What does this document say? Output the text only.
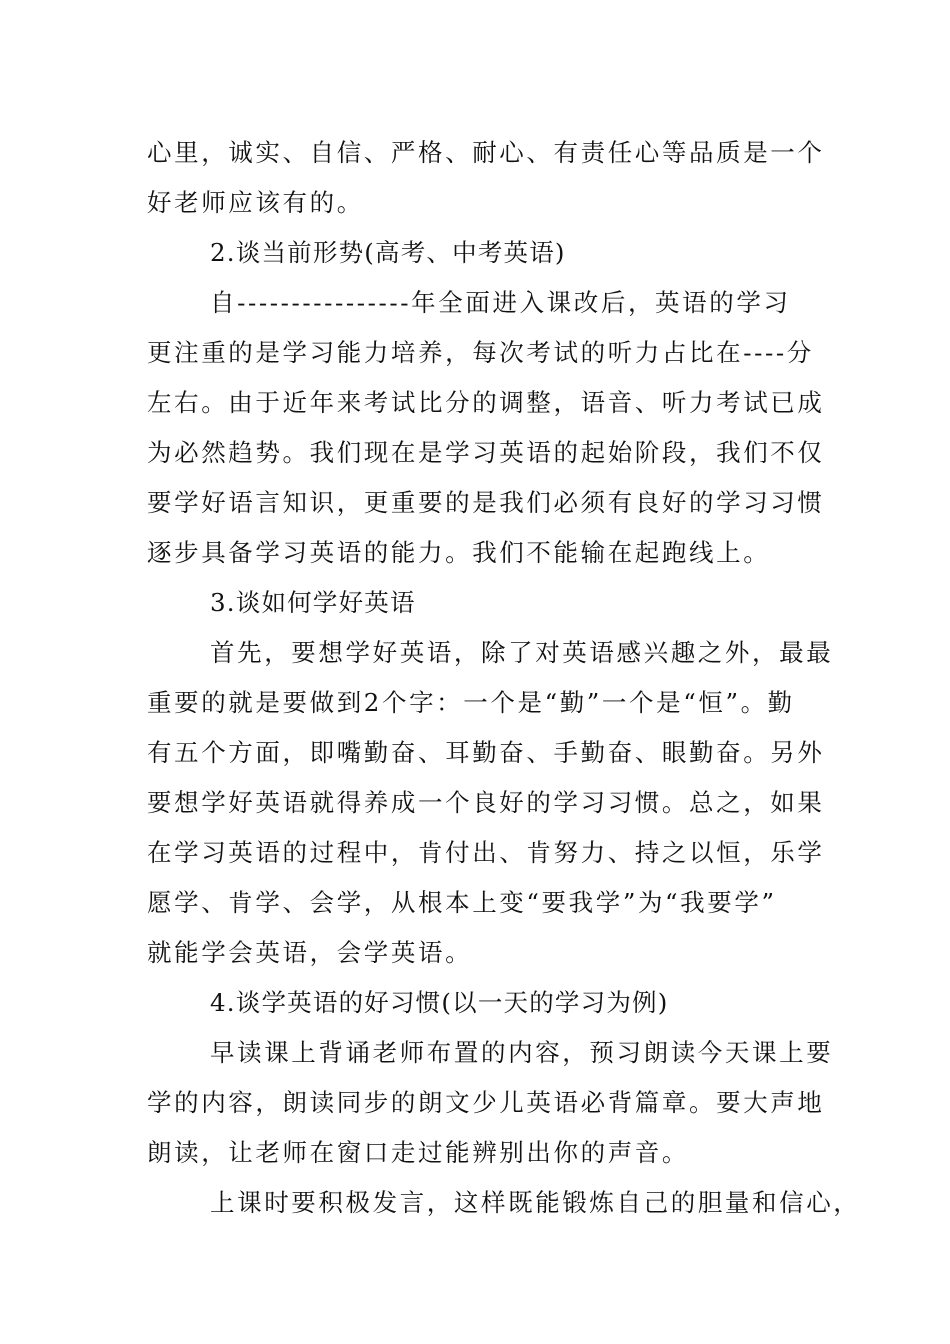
心里，诚实、自信、严格、耐心、有责任心等品质是一个
好老师应该有的。
2.谈当前形势(高考、中考英语)
自----------------年全面进入课改后，英语的学习
更注重的是学习能力培养，每次考试的听力占比在----分
左右。由于近年来考试比分的调整，语音、听力考试已成
为必然趋势。我们现在是学习英语的起始阶段，我们不仅
要学好语言知识，更重要的是我们必须有良好的学习习惯
逐步具备学习英语的能力。我们不能输在起跑线上。
3.谈如何学好英语
首先，要想学好英语，除了对英语感兴趣之外，最最
重要的就是要做到2个字：一个是“勤”一个是“恒”。勤
有五个方面，即嘴勤奋、耳勤奋、手勤奋、眼勤奋。另外
要想学好英语就得养成一个良好的学习习惯。总之，如果
在学习英语的过程中，肯付出、肯努力、持之以恒，乐学
愿学、肯学、会学，从根本上变“要我学”为“我要学”
就能学会英语，会学英语。
4.谈学英语的好习惯(以一天的学习为例)
早读课上背诵老师布置的内容，预习朗读今天课上要
学的内容，朗读同步的朗文少儿英语必背篇章。要大声地
朗读，让老师在窗口走过能辨别出你的声音。
上课时要积极发言，这样既能锻炼自己的胆量和信心，
